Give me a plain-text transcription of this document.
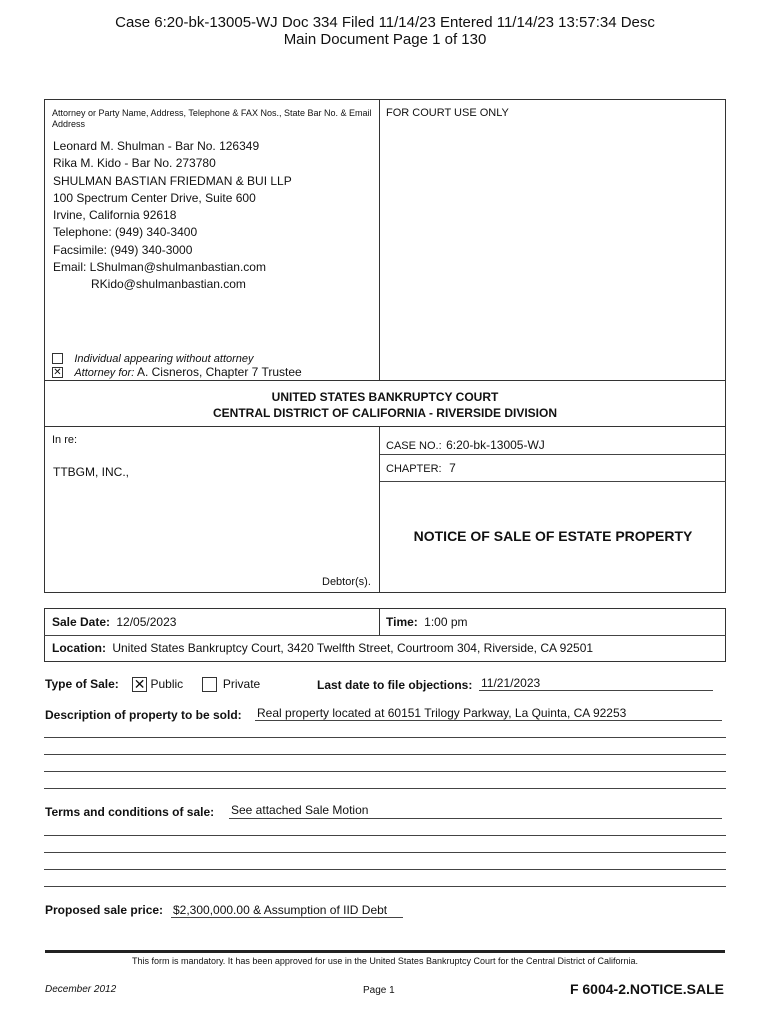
Case 6:20-bk-13005-WJ Doc 334 Filed 11/14/23 Entered 11/14/23 13:57:34 Desc
Main Document Page 1 of 130
Attorney or Party Name, Address, Telephone & FAX Nos., State Bar No. & Email Address
Leonard M. Shulman - Bar No. 126349
Rika M. Kido - Bar No. 273780
SHULMAN BASTIAN FRIEDMAN & BUI LLP
100 Spectrum Center Drive, Suite 600
Irvine, California 92618
Telephone: (949) 340-3400
Facsimile: (949) 340-3000
Email: LShulman@shulmanbastian.com
RKido@shulmanbastian.com
Individual appearing without attorney
✕ Attorney for: A. Cisneros, Chapter 7 Trustee
FOR COURT USE ONLY
UNITED STATES BANKRUPTCY COURT
CENTRAL DISTRICT OF CALIFORNIA - RIVERSIDE DIVISION
In re:
TTBGM, INC.,
Debtor(s).
CASE NO.: 6:20-bk-13005-WJ
CHAPTER: 7
NOTICE OF SALE OF ESTATE PROPERTY
Sale Date: 12/05/2023	Time: 1:00 pm
Location: United States Bankruptcy Court, 3420 Twelfth Street, Courtroom 304, Riverside, CA 92501
Type of Sale: ✕ Public	Private	Last date to file objections: 11/21/2023
Description of property to be sold: Real property located at 60151 Trilogy Parkway, La Quinta, CA 92253
Terms and conditions of sale: See attached Sale Motion
Proposed sale price: $2,300,000.00 & Assumption of IID Debt
This form is mandatory. It has been approved for use in the United States Bankruptcy Court for the Central District of California.
December 2012	Page 1	F 6004-2.NOTICE.SALE
